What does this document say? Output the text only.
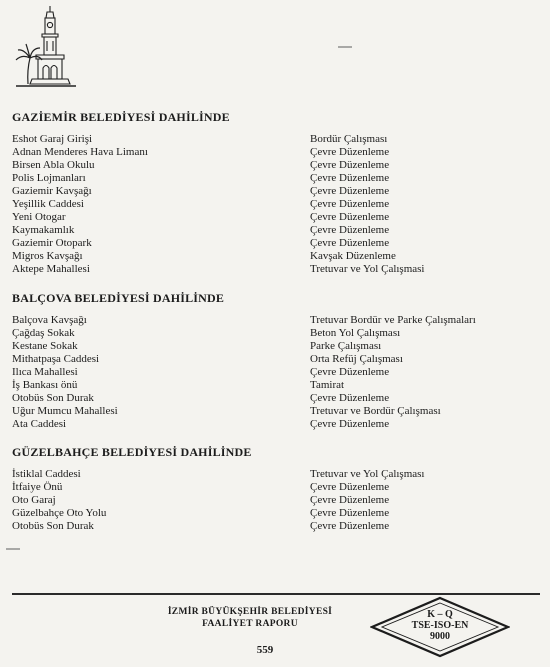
GAZİEMİR BELEDİYESİ DAHİLİNDE
Eshot Garaj Girişi	Bordür Çalışması
Adnan Menderes Hava Limanı	Çevre Düzenleme
Birsen Abla Okulu	Çevre Düzenleme
Polis Lojmanları	Çevre Düzenleme
Gaziemir Kavşağı	Çevre Düzenleme
Yeşillik Caddesi	Çevre Düzenleme
Yeni Otogar	Çevre Düzenleme
Kaymakamlık	Çevre Düzenleme
Gaziemir Otopark	Çevre Düzenleme
Migros Kavşağı	Kavşak Düzenleme
Aktepe Mahallesi	Tretuvar ve Yol Çalışmasi
BALÇOVA BELEDİYESİ DAHİLİNDE
Balçova Kavşağı	Tretuvar Bordür ve Parke Çalışmaları
Çağdaş Sokak	Beton Yol Çalışması
Kestane Sokak	Parke Çalışması
Mithatpaşa Caddesi	Orta Refüj Çalışması
Ilıca Mahallesi	Çevre Düzenleme
İş Bankası önü	Tamirat
Otobüs Son Durak	Çevre Düzenleme
Uğur Mumcu Mahallesi	Tretuvar ve Bordür Çalışması
Ata Caddesi	Çevre Düzenleme
GÜZELBAHÇE BELEDİYESİ DAHİLİNDE
İstiklal Caddesi	Tretuvar ve Yol Çalışması
İtfaiye Önü	Çevre Düzenleme
Oto Garaj	Çevre Düzenleme
Güzelbahçe Oto Yolu	Çevre Düzenleme
Otobüs Son Durak	Çevre Düzenleme
İZMİR BÜYÜKŞEHİR BELEDİYESİ
FAALİYET RAPORU
K – Q
TSE-ISO-EN
9000
559
